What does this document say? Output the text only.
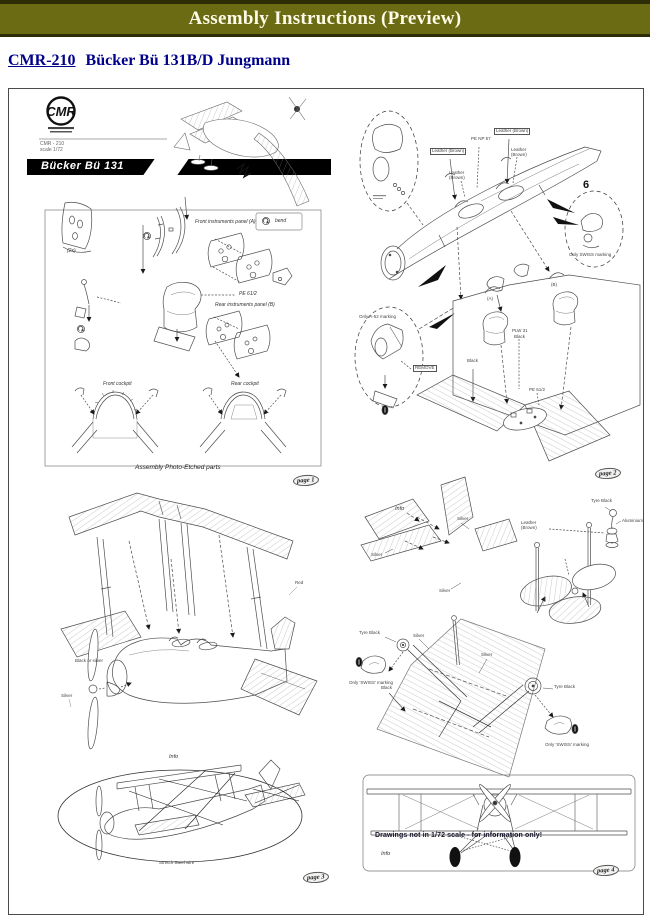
Assembly Instructions (Preview)
CMR-210 Bücker Bü 131B/D Jungmann
Bücker Bü 131
CMR
CMR - 210
scale 1/72
(2x)
Front instruments panel (A)	bend
Rear instruments panel (B)
PE 61/2
Front cockpit	Rear cockpit
Assembly Photo-Etched parts
Leather (Brown)
Leather (Brown)
PE NP 57
Leather (Brown)
Leather (Brown)
6
Only SWISS marking
Only A-52 marking
REMOVE
(A)
(B)
Black
PLW 31
Black
PE 61/2
Black or silver
Silver
Red
Info
Stretch Steel wire
Info
Silver
Silver
Silver
Tyre Black
Aluminium
Leather (Brown)
Tyre Black
Silver
Silver
Tyre Black
Black
Only 'SWISS' marking
Only 'SWISS' marking
Drawings not in 1/72 scale - for information only!
Info
page 1
page 2
page 3
page 4
